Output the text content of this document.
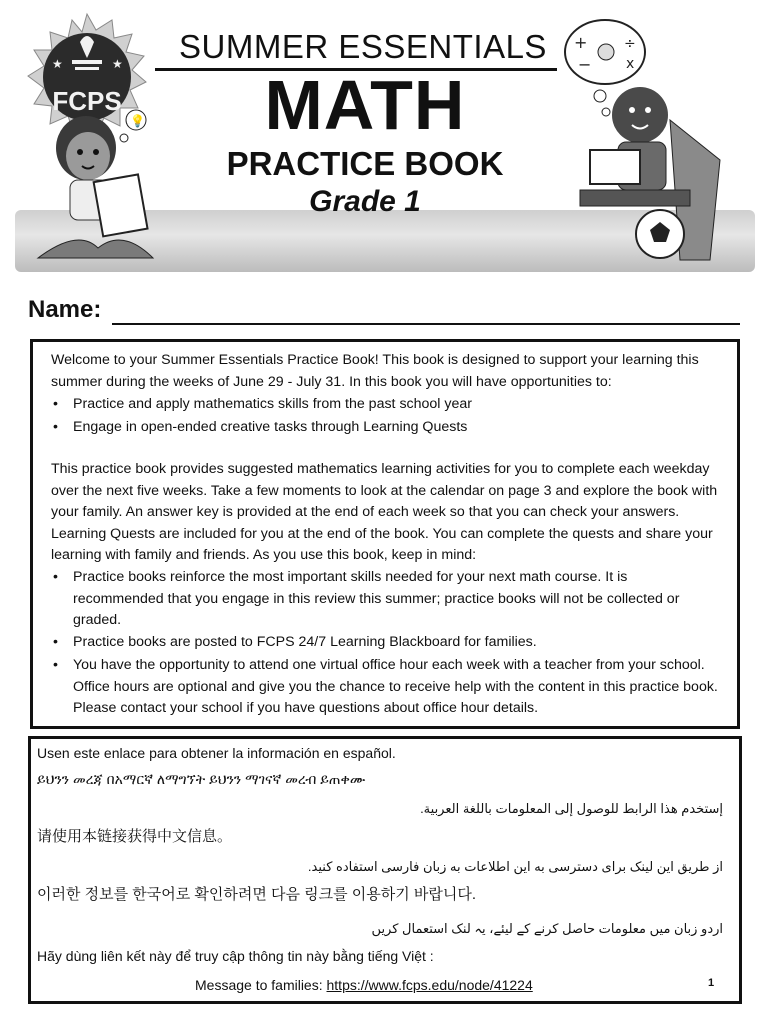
★	★
FCPS
💡
+
−
÷
x
SUMMER ESSENTIALS
MATH
PRACTICE BOOK
Grade 1
Name:
Welcome to your Summer Essentials Practice Book! This book is designed to support your learning this summer during the weeks of June 29 - July 31. In this book you will have opportunities to:
• Practice and apply mathematics skills from the past school year
• Engage in open-ended creative tasks through Learning Quests
This practice book provides suggested mathematics learning activities for you to complete each weekday over the next five weeks. Take a few moments to look at the calendar on page 3 and explore the book with your family. An answer key is provided at the end of each week so that you can check your answers. Learning Quests are included for you at the end of the book. You can complete the quests and share your learning with family and friends. As you use this book, keep in mind:
• Practice books reinforce the most important skills needed for your next math course. It is recommended that you engage in this review this summer; practice books will not be collected or graded.
• Practice books are posted to FCPS 24/7 Learning Blackboard for families.
• You have the opportunity to attend one virtual office hour each week with a teacher from your school. Office hours are optional and give you the chance to receive help with the content in this practice book. Please contact your school if you have questions about office hour details.
Usen este enlace para obtener la información en español.
ይህንን መረጃ በአማርኛ ለማግኘት ይህንን ማገናኛ መረብ ይጠቀሙ
إستخدم هذا الرابط للوصول إلى المعلومات باللغة العربية.
请使用本链接获得中文信息。
از طریق این لینک برای دسترسی به این اطلاعات به زبان فارسی استفاده کنید.
이러한 정보를 한국어로 확인하려면 다음 링크를 이용하기 바랍니다.
اردو زبان میں معلومات حاصل کرنے کے لیئے، یہ لنک استعمال کریں
Hãy dùng liên kết này để truy cập thông tin này bằng tiếng Việt :
Message to families: https://www.fcps.edu/node/41224	1
